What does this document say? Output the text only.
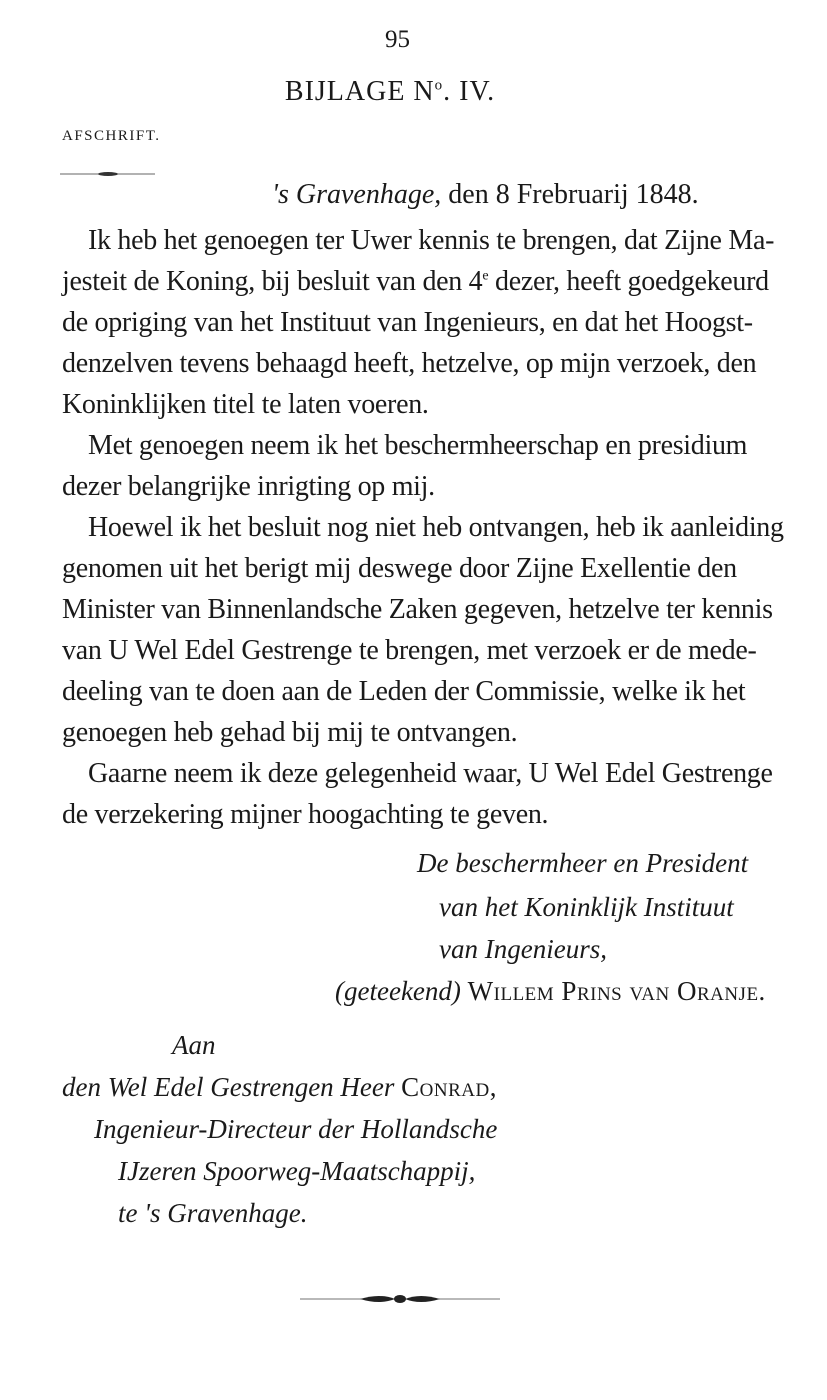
95
BIJLAGE $N^o$. IV.
AFSCHRIFT.
's Gravenhage, den 8 Frebruarij 1848.
Ik heb het genoegen ter Uwer kennis te brengen, dat Zijne Ma-
jesteit de Koning, bij besluit van den 4e dezer, heeft goedgekeurd
de opriging van het Instituut van Ingenieurs, en dat het Hoogst-
denzelven tevens behaagd heeft, hetzelve, op mijn verzoek, den
Koninklijken titel te laten voeren.
Met genoegen neem ik het beschermheerschap en presidium
dezer belangrijke inrigting op mij.
Hoewel ik het besluit nog niet heb ontvangen, heb ik aanleiding
genomen uit het berigt mij deswege door Zijne Exellentie den
Minister van Binnenlandsche Zaken gegeven, hetzelve ter kennis
van U Wel Edel Gestrenge te brengen, met verzoek er de mede-
deeling van te doen aan de Leden der Commissie, welke ik het
genoegen heb gehad bij mij te ontvangen.
Gaarne neem ik deze gelegenheid waar, U Wel Edel Gestrenge
de verzekering mijner hoogachting te geven.
De beschermheer en President
van het Koninklijk Instituut
van Ingenieurs,
(geteekend) Willem Prins van Oranje.
Aan
den Wel Edel Gestrengen Heer Conrad,
Ingenieur-Directeur der Hollandsche
IJzeren Spoorweg-Maatschappij,
te 's Gravenhage.
